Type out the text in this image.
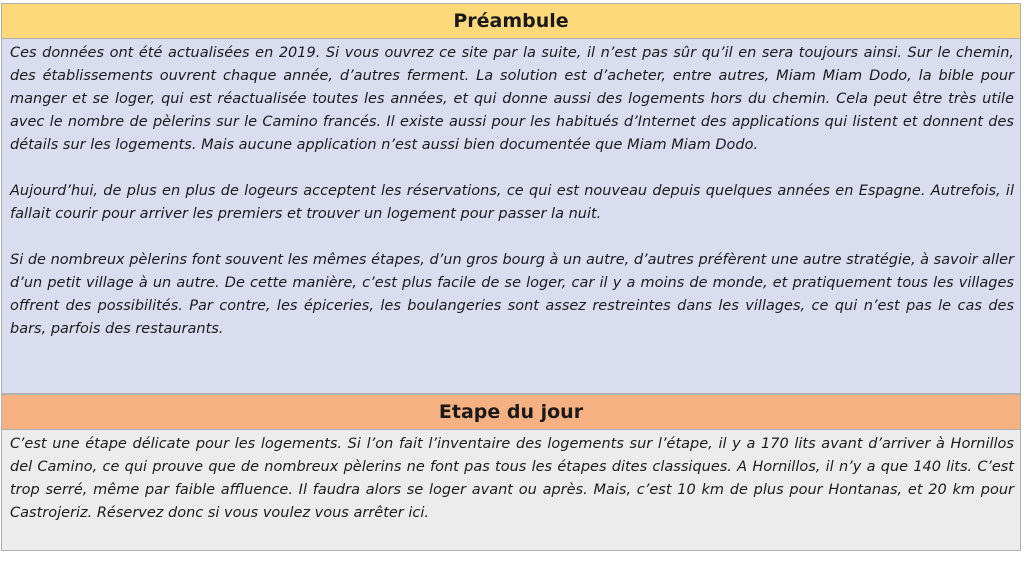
Préambule

Ces données ont été actualisées en 2019. Si vous ouvrez ce site par la suite, il n’est pas sûr qu’il en sera toujours ainsi. Sur le chemin, des établissements ouvrent chaque année, d’autres ferment. La solution est d’acheter, entre autres, Miam Miam Dodo, la bible pour manger et se loger, qui est réactualisée toutes les années, et qui donne aussi des logements hors du chemin. Cela peut être très utile avec le nombre de pèlerins sur le Camino francés. Il existe aussi pour les habitués d’Internet des applications qui listent et donnent des détails sur les logements. Mais aucune application n’est aussi bien documentée que Miam Miam Dodo.

Aujourd’hui, de plus en plus de logeurs acceptent les réservations, ce qui est nouveau depuis quelques années en Espagne. Autrefois, il fallait courir pour arriver les premiers et trouver un logement pour passer la nuit.

Si de nombreux pèlerins font souvent les mêmes étapes, d’un gros bourg à un autre, d’autres préfèrent une autre stratégie, à savoir aller d’un petit village à un autre. De cette manière, c’est plus facile de se loger, car il y a moins de monde, et pratiquement tous les villages offrent des possibilités. Par contre, les épiceries, les boulangeries sont assez restreintes dans les villages, ce qui n’est pas le cas des bars, parfois des restaurants.

Etape du jour

C’est une étape délicate pour les logements. Si l’on fait l’inventaire des logements sur l’étape, il y a 170 lits avant d’arriver à Hornillos del Camino, ce qui prouve que de nombreux pèlerins ne font pas tous les étapes dites classiques. A Hornillos, il n’y a que 140 lits. C’est trop serré, même par faible affluence. Il faudra alors se loger avant ou après. Mais, c’est 10 km de plus pour Hontanas, et 20 km pour Castrojeriz. Réservez donc si vous voulez vous arrêter ici.
